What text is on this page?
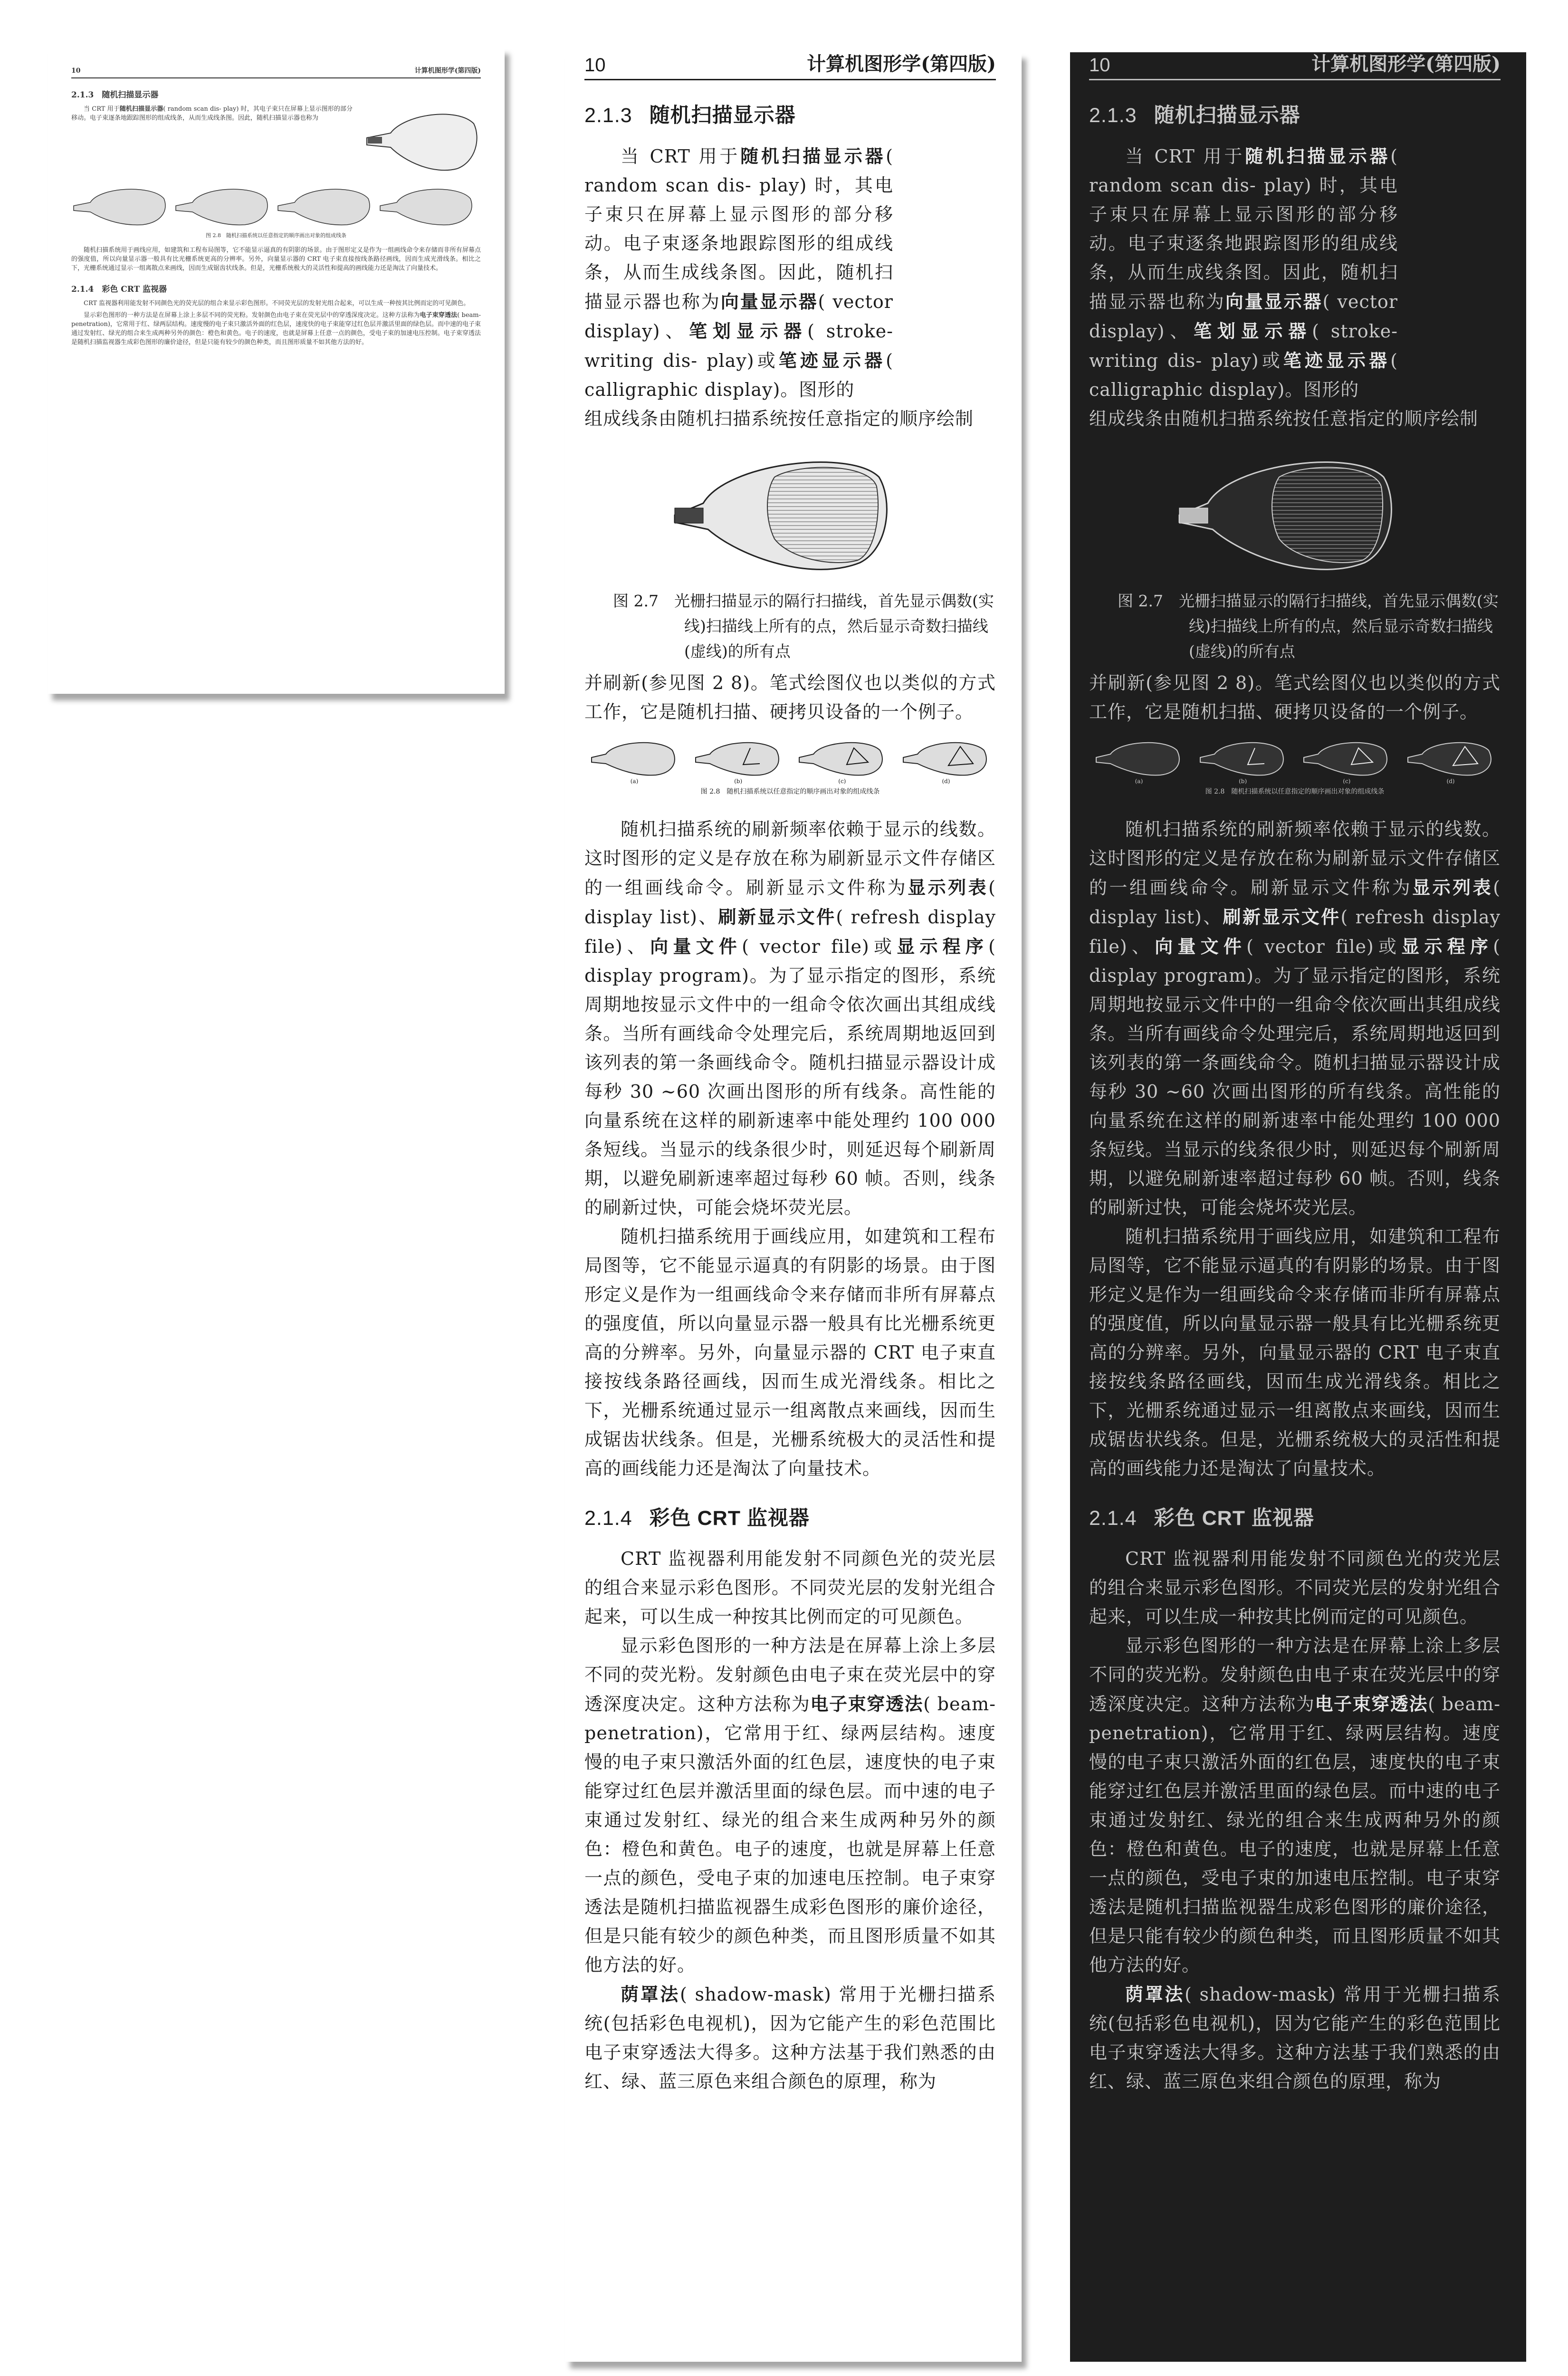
10	计算机图形学(第四版)
2.1.3　 随机扫描显示器

当 CRT 用于随机扫描显示器( random scan dis- play) 时，其电子束只在屏幕上显示图形的部分移动。电子束逐条地跟踪图形的组成线条，从而生成线条图。因此，随机扫描显示器也称为

图 2.8　随机扫描系统以任意指定的顺序画出对象的组成线条

随机扫描系统用于画线应用，如建筑和工程布局图等，它不能显示逼真的有阴影的场景。由于图形定义是作为一组画线命令来存储而非所有屏幕点的强度值，所以向量显示器一般具有比光栅系统更高的分辨率。另外，向量显示器的 CRT 电子束直接按线条路径画线，因而生成光滑线条。相比之下，光栅系统通过显示一组离散点来画线，因而生成锯齿状线条。但是，光栅系统极大的灵活性和提高的画线能力还是淘汰了向量技术。

2.1.4　 彩色 CRT 监视器

CRT 监视器利用能发射不同颜色光的荧光层的组合来显示彩色图形。不同荧光层的发射光组合起来，可以生成一种按其比例而定的可见颜色。

显示彩色图形的一种方法是在屏幕上涂上多层不同的荧光粉。发射颜色由电子束在荧光层中的穿透深度决定。这种方法称为电子束穿透法( beam-penetration)，它常用于红、绿两层结构。速度慢的电子束只激活外面的红色层，速度快的电子束能穿过红色层并激活里面的绿色层。而中速的电子束通过发射红、绿光的组合来生成两种另外的颜色：橙色和黄色。电子的速度，也就是屏幕上任意一点的颜色，受电子束的加速电压控制。电子束穿透法是随机扫描监视器生成彩色图形的廉价途径，但是只能有较少的颜色种类，而且图形质量不如其他方法的好。

10	计算机图形学(第四版)
2.1.3 随机扫描显示器

当 CRT 用于随机扫描显示器( random scan dis- play) 时，其电子束只在屏幕上显示图形的部分移动。电子束逐条地跟踪图形的组成线条，从而生成线条图。因此，随机扫描显示器也称为向量显示器( vector display)、笔划显示器( stroke-writing dis- play)或笔迹显示器( calligraphic display)。图形的

组成线条由随机扫描系统按任意指定的顺序绘制

图 2.7　光栅扫描显示的隔行扫描线，首先显示偶数(实线)扫描线上所有的点，然后显示奇数扫描线(虚线)的所有点

并刷新(参见图 2 8)。笔式绘图仪也以类似的方式工作，它是随机扫描、硬拷贝设备的一个例子。

(a)	(b)	(c)	(d)
图 2.8　随机扫描系统以任意指定的顺序画出对象的组成线条

随机扫描系统的刷新频率依赖于显示的线数。这时图形的定义是存放在称为刷新显示文件存储区的一组画线命令。刷新显示文件称为显示列表( display list)、刷新显示文件( refresh display file)、向量文件( vector file)或显示程序( display program)。为了显示指定的图形，系统周期地按显示文件中的一组命令依次画出其组成线条。当所有画线命令处理完后，系统周期地返回到该列表的第一条画线命令。随机扫描显示器设计成每秒 30 ~60 次画出图形的所有线条。高性能的向量系统在这样的刷新速率中能处理约 100 000 条短线。当显示的线条很少时，则延迟每个刷新周期，以避免刷新速率超过每秒 60 帧。否则，线条的刷新过快，可能会烧坏荧光层。

随机扫描系统用于画线应用，如建筑和工程布局图等，它不能显示逼真的有阴影的场景。由于图形定义是作为一组画线命令来存储而非所有屏幕点的强度值，所以向量显示器一般具有比光栅系统更高的分辨率。另外，向量显示器的 CRT 电子束直接按线条路径画线，因而生成光滑线条。相比之下，光栅系统通过显示一组离散点来画线，因而生成锯齿状线条。但是，光栅系统极大的灵活性和提高的画线能力还是淘汰了向量技术。

2.1.4 彩色 CRT 监视器

CRT 监视器利用能发射不同颜色光的荧光层的组合来显示彩色图形。不同荧光层的发射光组合起来，可以生成一种按其比例而定的可见颜色。

显示彩色图形的一种方法是在屏幕上涂上多层不同的荧光粉。发射颜色由电子束在荧光层中的穿透深度决定。这种方法称为电子束穿透法( beam-penetration)，它常用于红、绿两层结构。速度慢的电子束只激活外面的红色层，速度快的电子束能穿过红色层并激活里面的绿色层。而中速的电子束通过发射红、绿光的组合来生成两种另外的颜色：橙色和黄色。电子的速度，也就是屏幕上任意一点的颜色，受电子束的加速电压控制。电子束穿透法是随机扫描监视器生成彩色图形的廉价途径，但是只能有较少的颜色种类，而且图形质量不如其他方法的好。

荫罩法( shadow-mask) 常用于光栅扫描系统(包括彩色电视机)，因为它能产生的彩色范围比电子束穿透法大得多。这种方法基于我们熟悉的由红、绿、蓝三原色来组合颜色的原理，称为

10	计算机图形学(第四版)
2.1.3 随机扫描显示器

当 CRT 用于随机扫描显示器( random scan dis- play) 时，其电子束只在屏幕上显示图形的部分移动。电子束逐条地跟踪图形的组成线条，从而生成线条图。因此，随机扫描显示器也称为向量显示器( vector display)、笔划显示器( stroke-writing dis- play)或笔迹显示器( calligraphic display)。图形的

组成线条由随机扫描系统按任意指定的顺序绘制

图 2.7　光栅扫描显示的隔行扫描线，首先显示偶数(实线)扫描线上所有的点，然后显示奇数扫描线(虚线)的所有点

并刷新(参见图 2 8)。笔式绘图仪也以类似的方式工作，它是随机扫描、硬拷贝设备的一个例子。

(a)	(b)	(c)	(d)
图 2.8　随机扫描系统以任意指定的顺序画出对象的组成线条

随机扫描系统的刷新频率依赖于显示的线数。这时图形的定义是存放在称为刷新显示文件存储区的一组画线命令。刷新显示文件称为显示列表( display list)、刷新显示文件( refresh display file)、向量文件( vector file)或显示程序( display program)。为了显示指定的图形，系统周期地按显示文件中的一组命令依次画出其组成线条。当所有画线命令处理完后，系统周期地返回到该列表的第一条画线命令。随机扫描显示器设计成每秒 30 ~60 次画出图形的所有线条。高性能的向量系统在这样的刷新速率中能处理约 100 000 条短线。当显示的线条很少时，则延迟每个刷新周期，以避免刷新速率超过每秒 60 帧。否则，线条的刷新过快，可能会烧坏荧光层。

随机扫描系统用于画线应用，如建筑和工程布局图等，它不能显示逼真的有阴影的场景。由于图形定义是作为一组画线命令来存储而非所有屏幕点的强度值，所以向量显示器一般具有比光栅系统更高的分辨率。另外，向量显示器的 CRT 电子束直接按线条路径画线，因而生成光滑线条。相比之下，光栅系统通过显示一组离散点来画线，因而生成锯齿状线条。但是，光栅系统极大的灵活性和提高的画线能力还是淘汰了向量技术。

2.1.4 彩色 CRT 监视器

CRT 监视器利用能发射不同颜色光的荧光层的组合来显示彩色图形。不同荧光层的发射光组合起来，可以生成一种按其比例而定的可见颜色。

显示彩色图形的一种方法是在屏幕上涂上多层不同的荧光粉。发射颜色由电子束在荧光层中的穿透深度决定。这种方法称为电子束穿透法( beam-penetration)，它常用于红、绿两层结构。速度慢的电子束只激活外面的红色层，速度快的电子束能穿过红色层并激活里面的绿色层。而中速的电子束通过发射红、绿光的组合来生成两种另外的颜色：橙色和黄色。电子的速度，也就是屏幕上任意一点的颜色，受电子束的加速电压控制。电子束穿透法是随机扫描监视器生成彩色图形的廉价途径，但是只能有较少的颜色种类，而且图形质量不如其他方法的好。

荫罩法( shadow-mask) 常用于光栅扫描系统(包括彩色电视机)，因为它能产生的彩色范围比电子束穿透法大得多。这种方法基于我们熟悉的由红、绿、蓝三原色来组合颜色的原理，称为
